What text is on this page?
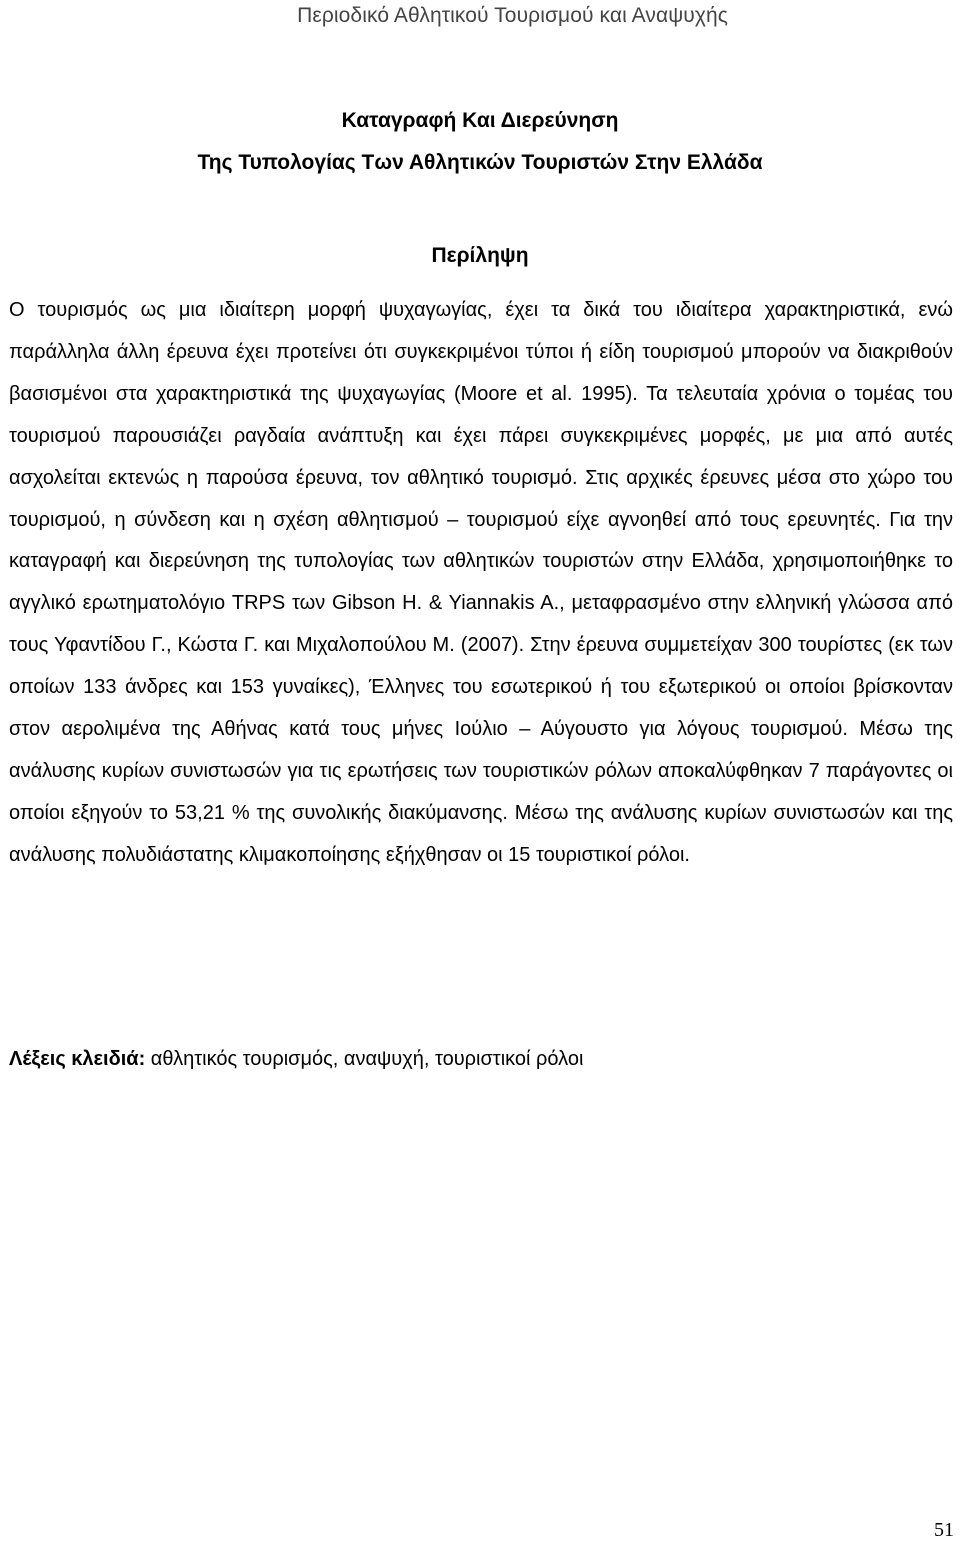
Περιοδικό Αθλητικού Τουρισμού και Αναψυχής
Καταγραφή Και Διερεύνηση
Της Τυπολογίας Των Αθλητικών Τουριστών Στην Ελλάδα
Περίληψη

Ο τουρισμός ως μια ιδιαίτερη μορφή ψυχαγωγίας, έχει τα δικά του ιδιαίτερα χαρακτηριστικά, ενώ παράλληλα άλλη έρευνα έχει προτείνει ότι συγκεκριμένοι τύποι ή είδη τουρισμού μπορούν να διακριθούν βασισμένοι στα χαρακτηριστικά της ψυχαγωγίας (Moore et al. 1995). Τα τελευταία χρόνια ο τομέας του τουρισμού παρουσιάζει ραγδαία ανάπτυξη και έχει πάρει συγκεκριμένες μορφές, με μια από αυτές ασχολείται εκτενώς η παρούσα έρευνα, τον αθλητικό τουρισμό. Στις αρχικές έρευνες μέσα στο χώρο του τουρισμού, η σύνδεση και η σχέση αθλητισμού – τουρισμού είχε αγνοηθεί από τους ερευνητές. Για την καταγραφή και διερεύνηση της τυπολογίας των αθλητικών τουριστών στην Ελλάδα, χρησιμοποιήθηκε το αγγλικό ερωτηματολόγιο TRPS των Gibson H. & Yiannakis A., μεταφρασμένο στην ελληνική γλώσσα από τους Υφαντίδου Γ., Κώστα Γ. και Μιχαλοπούλου Μ. (2007). Στην έρευνα συμμετείχαν 300 τουρίστες (εκ των οποίων 133 άνδρες και 153 γυναίκες), Έλληνες του εσωτερικού ή του εξωτερικού οι οποίοι βρίσκονταν στον αερολιμένα της Αθήνας κατά τους μήνες Ιούλιο – Αύγουστο για λόγους τουρισμού. Μέσω της ανάλυσης κυρίων συνιστωσών για τις ερωτήσεις των τουριστικών ρόλων αποκαλύφθηκαν 7 παράγοντες οι οποίοι εξηγούν το 53,21 % της συνολικής διακύμανσης. Μέσω της ανάλυσης κυρίων συνιστωσών και της ανάλυσης πολυδιάστατης κλιμακοποίησης εξήχθησαν οι 15 τουριστικοί ρόλοι.

Λέξεις κλειδιά: αθλητικός τουρισμός, αναψυχή, τουριστικοί ρόλοι

51
